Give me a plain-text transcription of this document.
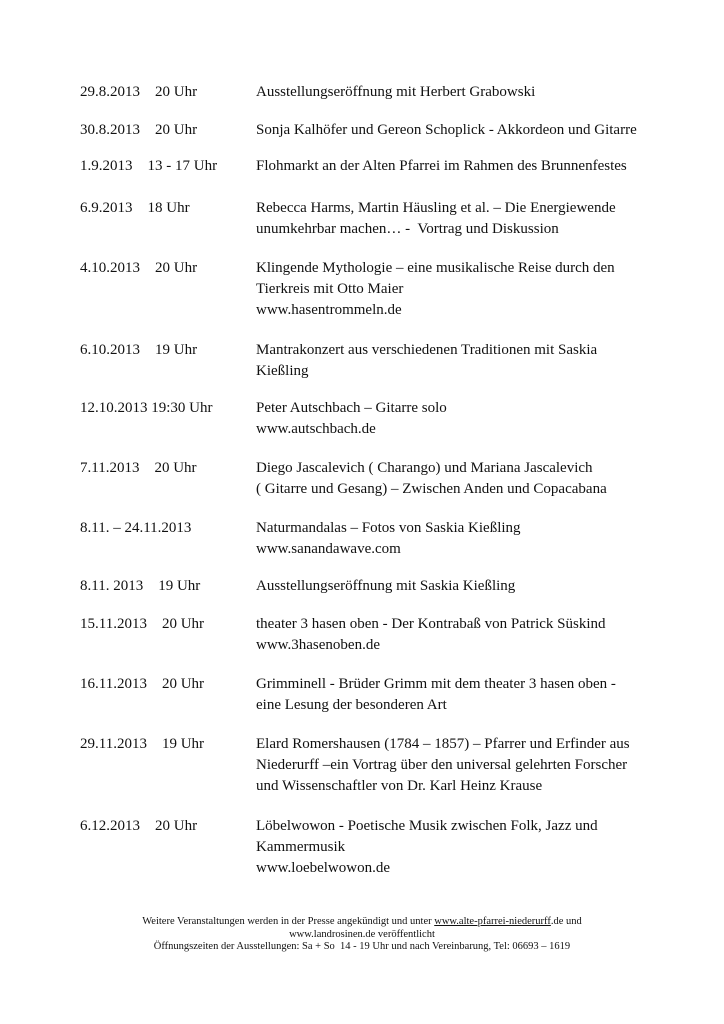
29.8.2013    20 Uhr	Ausstellungseröffnung mit Herbert Grabowski
30.8.2013    20 Uhr	Sonja Kalhöfer und Gereon Schoplick - Akkordeon und Gitarre
1.9.2013    13 - 17 Uhr	Flohmarkt an der Alten Pfarrei im Rahmen des Brunnenfestes
6.9.2013    18 Uhr	Rebecca Harms, Martin Häusling et al. – Die Energiewende
unumkehrbar machen… -  Vortrag und Diskussion
4.10.2013    20 Uhr	Klingende Mythologie – eine musikalische Reise durch den
Tierkreis mit Otto Maier
www.hasentrommeln.de
6.10.2013    19 Uhr	Mantrakonzert aus verschiedenen Traditionen mit Saskia
Kießling
12.10.2013 19:30 Uhr	Peter Autschbach – Gitarre solo
www.autschbach.de
7.11.2013    20 Uhr	Diego Jascalevich ( Charango) und Mariana Jascalevich
( Gitarre und Gesang) – Zwischen Anden und Copacabana
8.11. – 24.11.2013	Naturmandalas – Fotos von Saskia Kießling
www.sanandawave.com
8.11. 2013    19 Uhr	Ausstellungseröffnung mit Saskia Kießling
15.11.2013    20 Uhr	theater 3 hasen oben - Der Kontrabaß von Patrick Süskind
www.3hasenoben.de
16.11.2013    20 Uhr	Grimminell - Brüder Grimm mit dem theater 3 hasen oben -
eine Lesung der besonderen Art
29.11.2013    19 Uhr	Elard Romershausen (1784 – 1857) – Pfarrer und Erfinder aus
Niederurff –ein Vortrag über den universal gelehrten Forscher
und Wissenschaftler von Dr. Karl Heinz Krause
6.12.2013    20 Uhr	Löbelwowon - Poetische Musik zwischen Folk, Jazz und
Kammermusik
www.loebelwowon.de
Weitere Veranstaltungen werden in der Presse angekündigt und unter www.alte-pfarrei-niederurff.de und
www.landrosinen.de veröffentlicht
Öffnungszeiten der Ausstellungen: Sa + So  14 - 19 Uhr und nach Vereinbarung, Tel: 06693 – 1619
